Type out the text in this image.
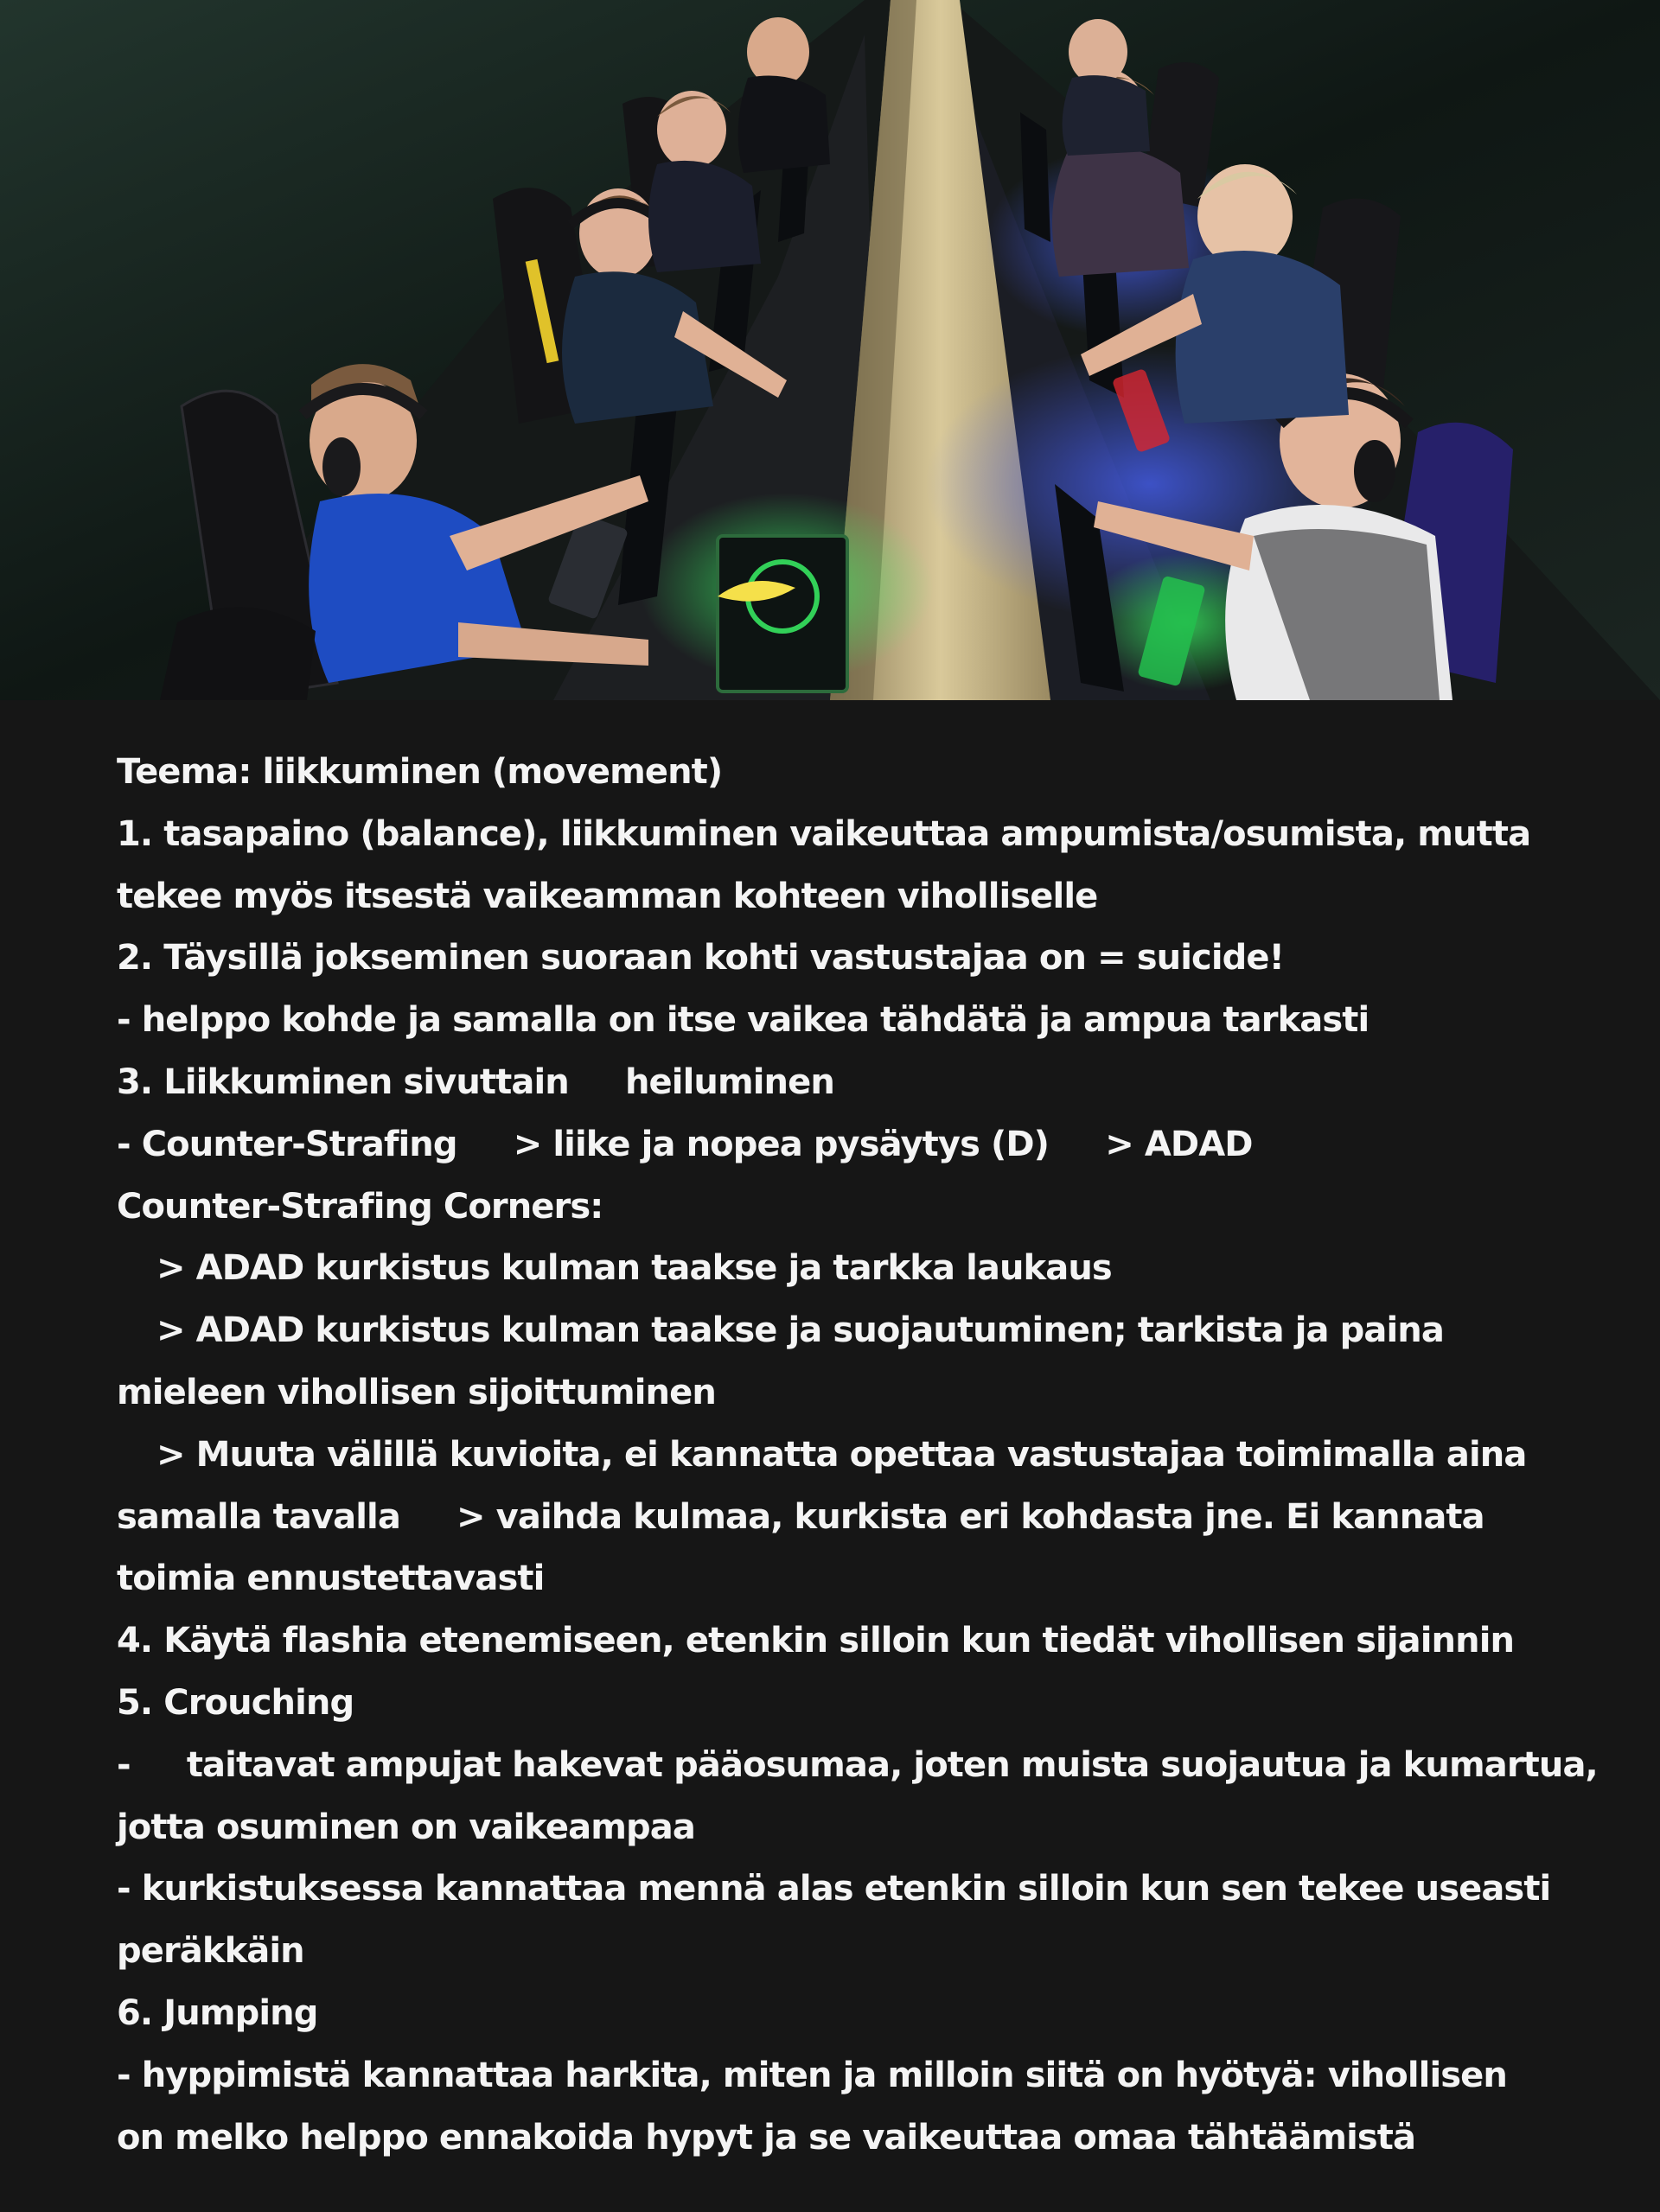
Teema: liikkuminen (movement)
1. tasapaino (balance), liikkuminen vaikeuttaa ampumista/osumista, mutta
tekee myös itsestä vaikeamman kohteen viholliselle
2. Täysillä jokseminen suoraan kohti vastustajaa on = suicide!
- helppo kohde ja samalla on itse vaikea tähdätä ja ampua tarkasti
3. Liikkuminen sivuttain     heiluminen
- Counter-Strafing     > liike ja nopea pysäytys (D)     > ADAD
Counter-Strafing Corners:
> ADAD kurkistus kulman taakse ja tarkka laukaus
> ADAD kurkistus kulman taakse ja suojautuminen; tarkista ja paina
mieleen vihollisen sijoittuminen
> Muuta välillä kuvioita, ei kannatta opettaa vastustajaa toimimalla aina
samalla tavalla     > vaihda kulmaa, kurkista eri kohdasta jne. Ei kannata
toimia ennustettavasti
4. Käytä flashia etenemiseen, etenkin silloin kun tiedät vihollisen sijainnin
5. Crouching
-     taitavat ampujat hakevat pääosumaa, joten muista suojautua ja kumartua,
jotta osuminen on vaikeampaa
- kurkistuksessa kannattaa mennä alas etenkin silloin kun sen tekee useasti
peräkkäin
6. Jumping
- hyppimistä kannattaa harkita, miten ja milloin siitä on hyötyä: vihollisen
on melko helppo ennakoida hypyt ja se vaikeuttaa omaa tähtäämistä
